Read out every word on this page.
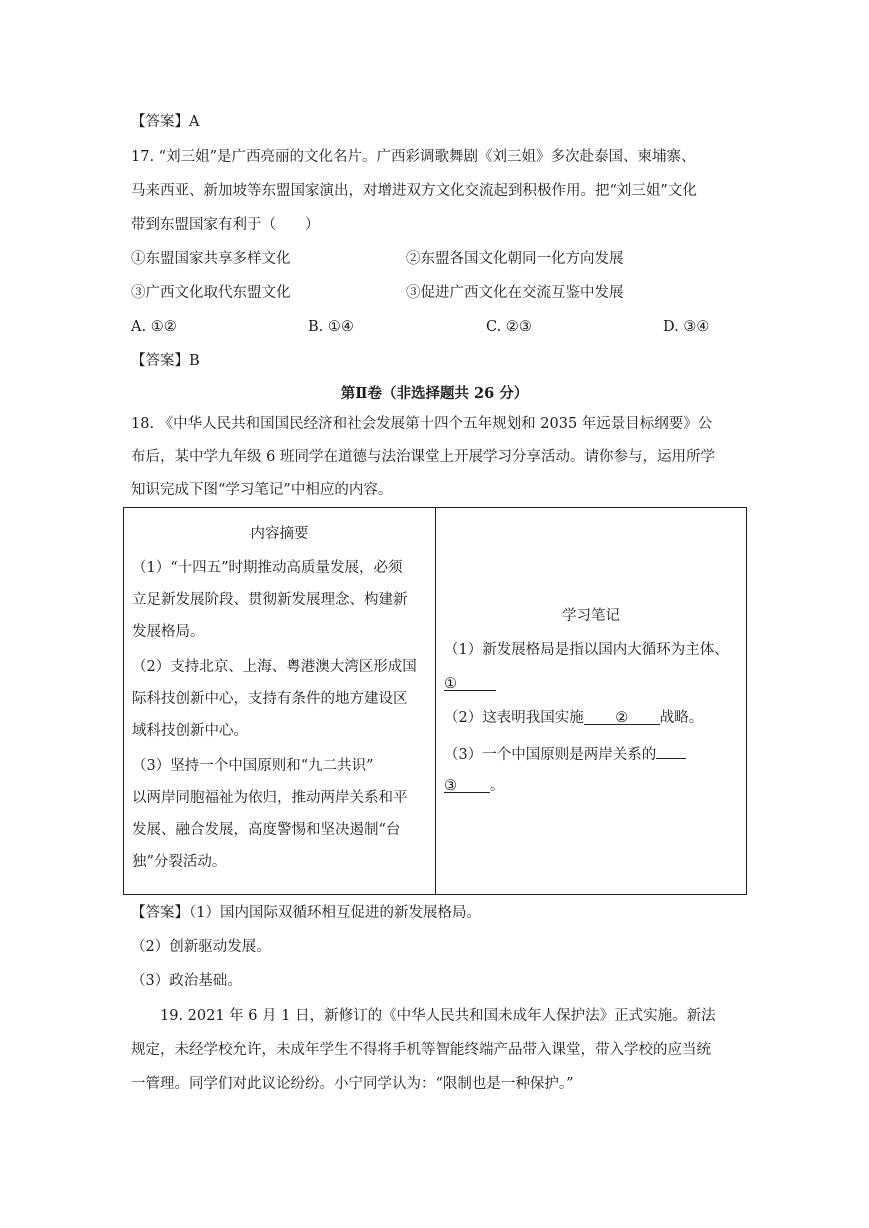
【答案】A
17. “刘三姐”是广西亮丽的文化名片。广西彩调歌舞剧《刘三姐》多次赴泰国、柬埔寨、
马来西亚、新加坡等东盟国家演出，对增进双方文化交流起到积极作用。把“刘三姐”文化
带到东盟国家有利于（　　）
①东盟国家共享多样文化	②东盟各国文化朝同一化方向发展
③广西文化取代东盟文化	③促进广西文化在交流互鉴中发展
A. ①②	B. ①④	C. ②③	D. ③④
【答案】B
第Ⅱ卷（非选择题共 26 分）
18. 《中华人民共和国国民经济和社会发展第十四个五年规划和 2035 年远景目标纲要》公
布后，某中学九年级 6 班同学在道德与法治课堂上开展学习分享活动。请你参与，运用所学
知识完成下图“学习笔记”中相应的内容。
内容摘要
（1）“十四五”时期推动高质量发展，必须
立足新发展阶段、贯彻新发展理念、构建新
发展格局。
（2）支持北京、上海、粤港澳大湾区形成国
际科技创新中心，支持有条件的地方建设区
域科技创新中心。
（3）坚持一个中国原则和“九二共识”
以两岸同胞福祉为依归，推动两岸关系和平
发展、融合发展，高度警惕和坚决遏制“台
独”分裂活动。

学习笔记
（1）新发展格局是指以国内大循环为主体、
①
（2）这表明我国实施 ② 战略。
（3）一个中国原则是两岸关系的
③ 。
【答案】（1）国内国际双循环相互促进的新发展格局。
（2）创新驱动发展。
（3）政治基础。
19. 2021 年 6 月 1 日，新修订的《中华人民共和国未成年人保护法》正式实施。新法
规定，未经学校允许，未成年学生不得将手机等智能终端产品带入课堂，带入学校的应当统
一管理。同学们对此议论纷纷。小宁同学认为：“限制也是一种保护。”
